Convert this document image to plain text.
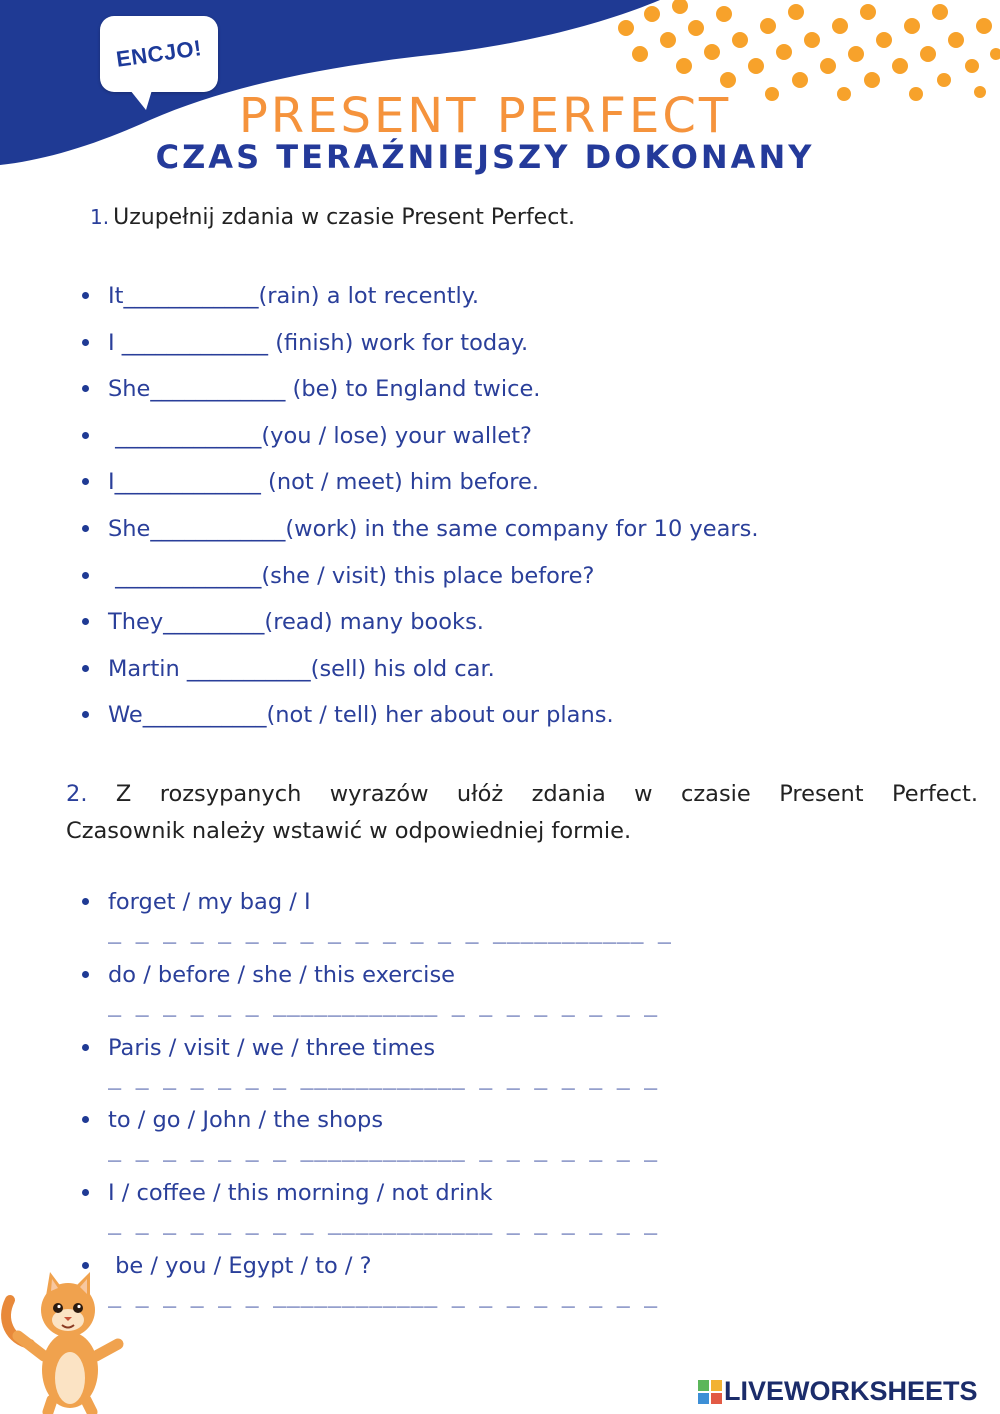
ENCJO!
PRESENT PERFECT
CZAS TERAŹNIEJSZY DOKONANY
1. Uzupełnij zdania w czasie Present Perfect.
It____________(rain) a lot recently.
I _____________ (finish) work for today.
She____________ (be) to England twice.
_____________(you / lose) your wallet?
I_____________ (not / meet) him before.
She____________(work) in the same company for 10 years.
_____________(she / visit) this place before?
They_________(read) many books.
Martin ___________(sell) his old car.
We___________(not / tell) her about our plans.
2. Z rozsypanych wyrazów ułóż zdania w czasie Present Perfect.
Czasownik należy wstawić w odpowiedniej formie.
forget / my bag / I
_ _ _ _ _ _ _ _ _ _ _ _ _ _ ___________ _
do / before / she / this exercise
_ _ _ _ _ _ ____________ _ _ _ _ _ _ _ _
Paris / visit / we / three times
_ _ _ _ _ _ _ ____________ _ _ _ _ _ _ _
to / go / John / the shops
_ _ _ _ _ _ _ ____________ _ _ _ _ _ _ _
I / coffee / this morning / not drink
_ _ _ _ _ _ _ _ ____________ _ _ _ _ _ _
be / you / Egypt / to / ?
_ _ _ _ _ _ ____________ _ _ _ _ _ _ _ _
LIVEWORKSHEETS
